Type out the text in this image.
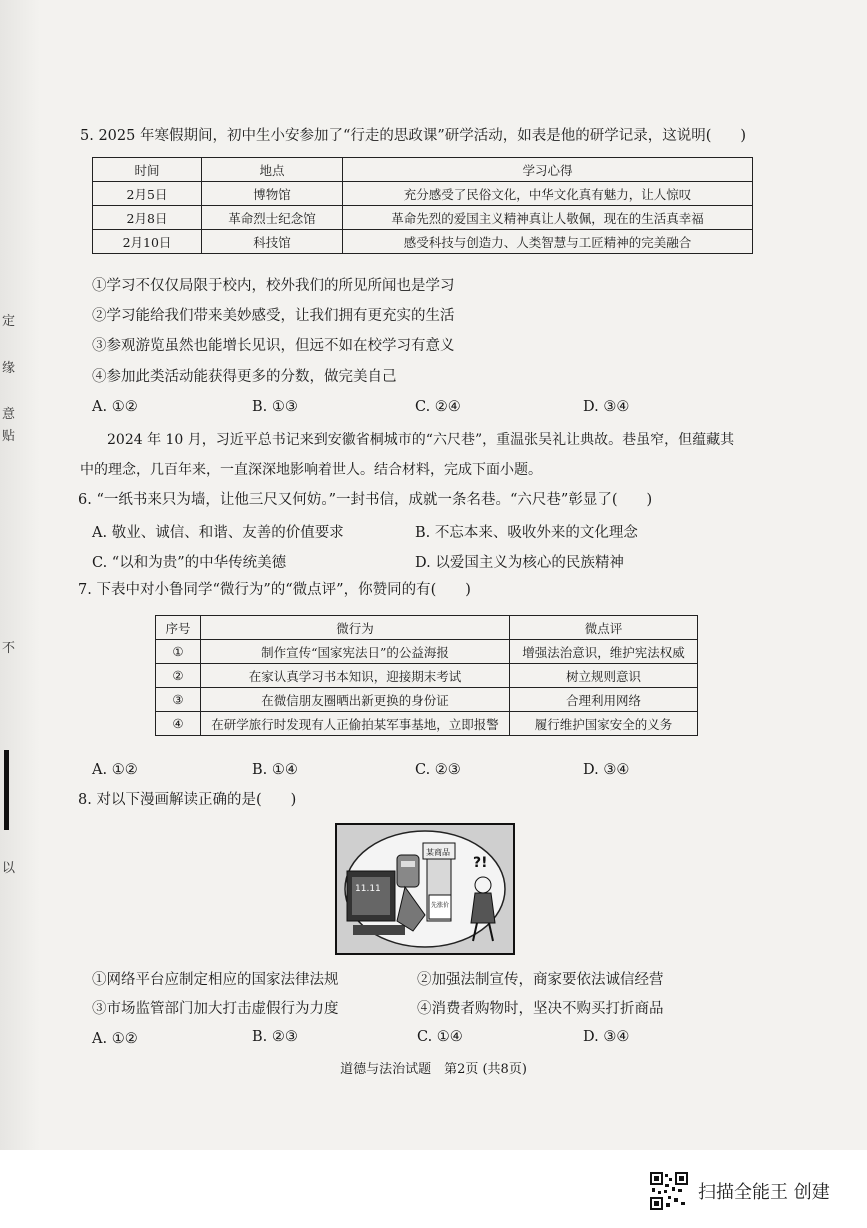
定
缘
意
贴
不
以
5. 2025 年寒假期间，初中生小安参加了“行走的思政课”研学活动，如表是他的研学记录，这说明(　　)
时间	地点	学习心得
2月5日	博物馆	充分感受了民俗文化，中华文化真有魅力，让人惊叹
2月8日	革命烈士纪念馆	革命先烈的爱国主义精神真让人敬佩，现在的生活真幸福
2月10日	科技馆	感受科技与创造力、人类智慧与工匠精神的完美融合
①学习不仅仅局限于校内，校外我们的所见所闻也是学习
②学习能给我们带来美妙感受，让我们拥有更充实的生活
③参观游览虽然也能增长见识，但远不如在校学习有意义
④参加此类活动能获得更多的分数，做完美自己
A. ①②	B. ①③	C. ②④	D. ③④
2024 年 10 月，习近平总书记来到安徽省桐城市的“六尺巷”，重温张吴礼让典故。巷虽窄，但蕴藏其
中的理念，几百年来，一直深深地影响着世人。结合材料，完成下面小题。
6. “一纸书来只为墙，让他三尺又何妨。”一封书信，成就一条名巷。“六尺巷”彰显了(　　)
A. 敬业、诚信、和谐、友善的价值要求	B. 不忘本来、吸收外来的文化理念
C. “以和为贵”的中华传统美德	D. 以爱国主义为核心的民族精神
7. 下表中对小鲁同学“微行为”的“微点评”，你赞同的有(　　)
序号	微行为	微点评
①	制作宣传“国家宪法日”的公益海报	增强法治意识，维护宪法权威
②	在家认真学习书本知识，迎接期末考试	树立规则意识
③	在微信朋友圈晒出新更换的身份证	合理利用网络
④	在研学旅行时发现有人正偷拍某军事基地，立即报警	履行维护国家安全的义务
A. ①②	B. ①④	C. ②③	D. ③④
8. 对以下漫画解读正确的是(　　)
11.11
某商品
先涨价
?!
①网络平台应制定相应的国家法律法规	②加强法制宣传，商家要依法诚信经营
③市场监管部门加大打击虚假行为力度	④消费者购物时，坚决不购买打折商品
A. ①②	B. ②③	C. ①④	D. ③④
道德与法治试题　第2页 (共8页)
扫描全能王 创建
